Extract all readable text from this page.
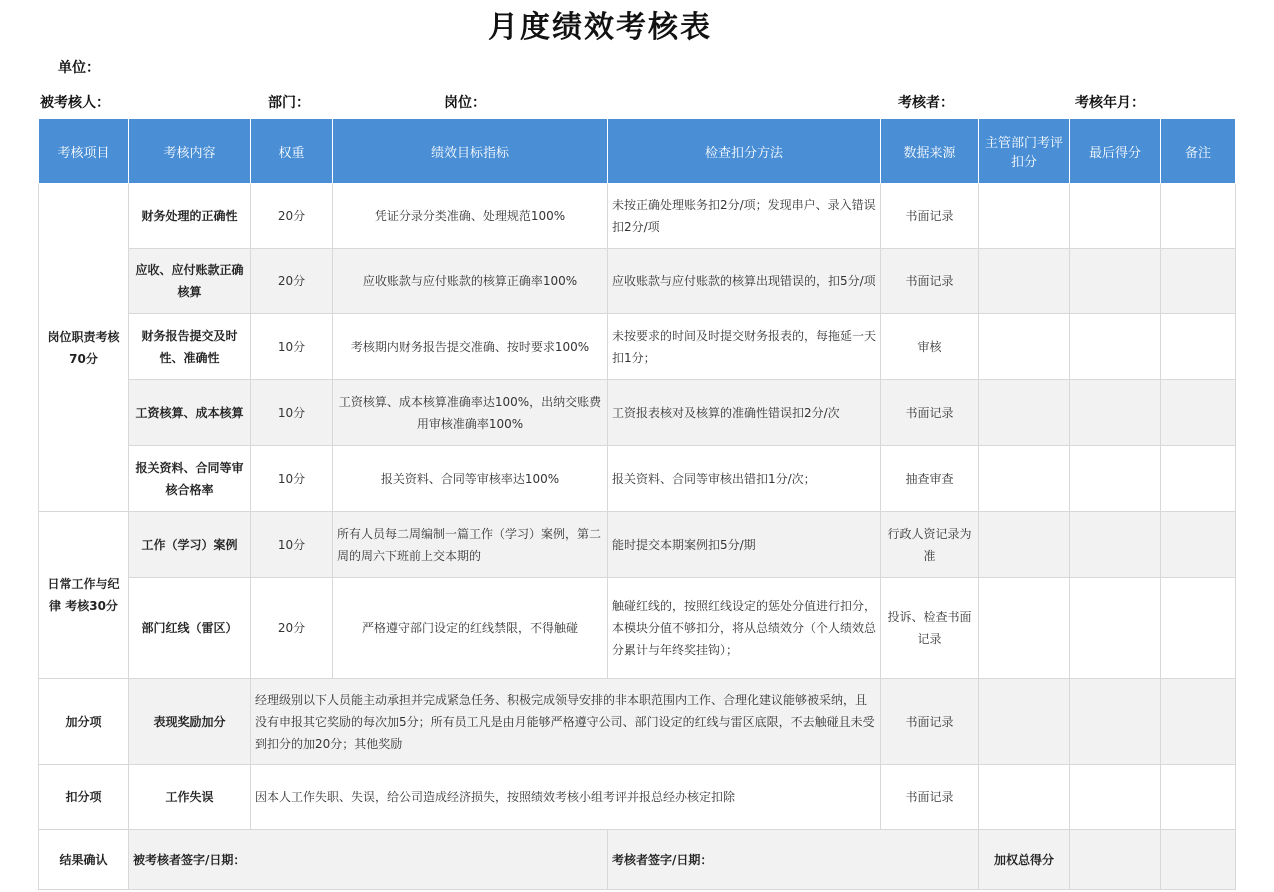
月度绩效考核表
单位：
被考核人：	部门：	岗位：	考核者：	考核年月：
考核项目	考核内容	权重	绩效目标指标	检查扣分方法	数据来源	主管部门考评扣分	最后得分	备注
岗位职责考核70分	财务处理的正确性	20分	凭证分录分类准确、处理规范100%	未按正确处理账务扣2分/项；发现串户、录入错误扣2分/项	书面记录			
	应收、应付账款正确核算	20分	应收账款与应付账款的核算正确率100%	应收账款与应付账款的核算出现错误的，扣5分/项	书面记录			
	财务报告提交及时性、准确性	10分	考核期内财务报告提交准确、按时要求100%	未按要求的时间及时提交财务报表的，每拖延一天扣1分；	审核			
	工资核算、成本核算	10分	工资核算、成本核算准确率达100%，出纳交账费用审核准确率100%	工资报表核对及核算的准确性错误扣2分/次	书面记录			
	报关资料、合同等审核合格率	10分	报关资料、合同等审核率达100%	报关资料、合同等审核出错扣1分/次；	抽查审查			
日常工作与纪律 考核30分	工作（学习）案例	10分	所有人员每二周编制一篇工作（学习）案例，第二周的周六下班前上交本期的	能时提交本期案例扣5分/期	行政人资记录为准			
	部门红线（雷区）	20分	严格遵守部门设定的红线禁限，不得触碰	触碰红线的，按照红线设定的惩处分值进行扣分，本模块分值不够扣分，将从总绩效分（个人绩效总分累计与年终奖挂钩）；	投诉、检查书面记录			
加分项	表现奖励加分	经理级别以下人员能主动承担并完成紧急任务、积极完成领导安排的非本职范围内工作、合理化建议能够被采纳，且没有申报其它奖励的每次加5分；所有员工凡是由月能够严格遵守公司、部门设定的红线与雷区底限，不去触碰且未受到扣分的加20分；其他奖励			书面记录			
扣分项	工作失误	因本人工作失职、失误，给公司造成经济损失，按照绩效考核小组考评并报总经办核定扣除			书面记录			
结果确认	被考核者签字/日期：			考核者签字/日期：		加权总得分		
